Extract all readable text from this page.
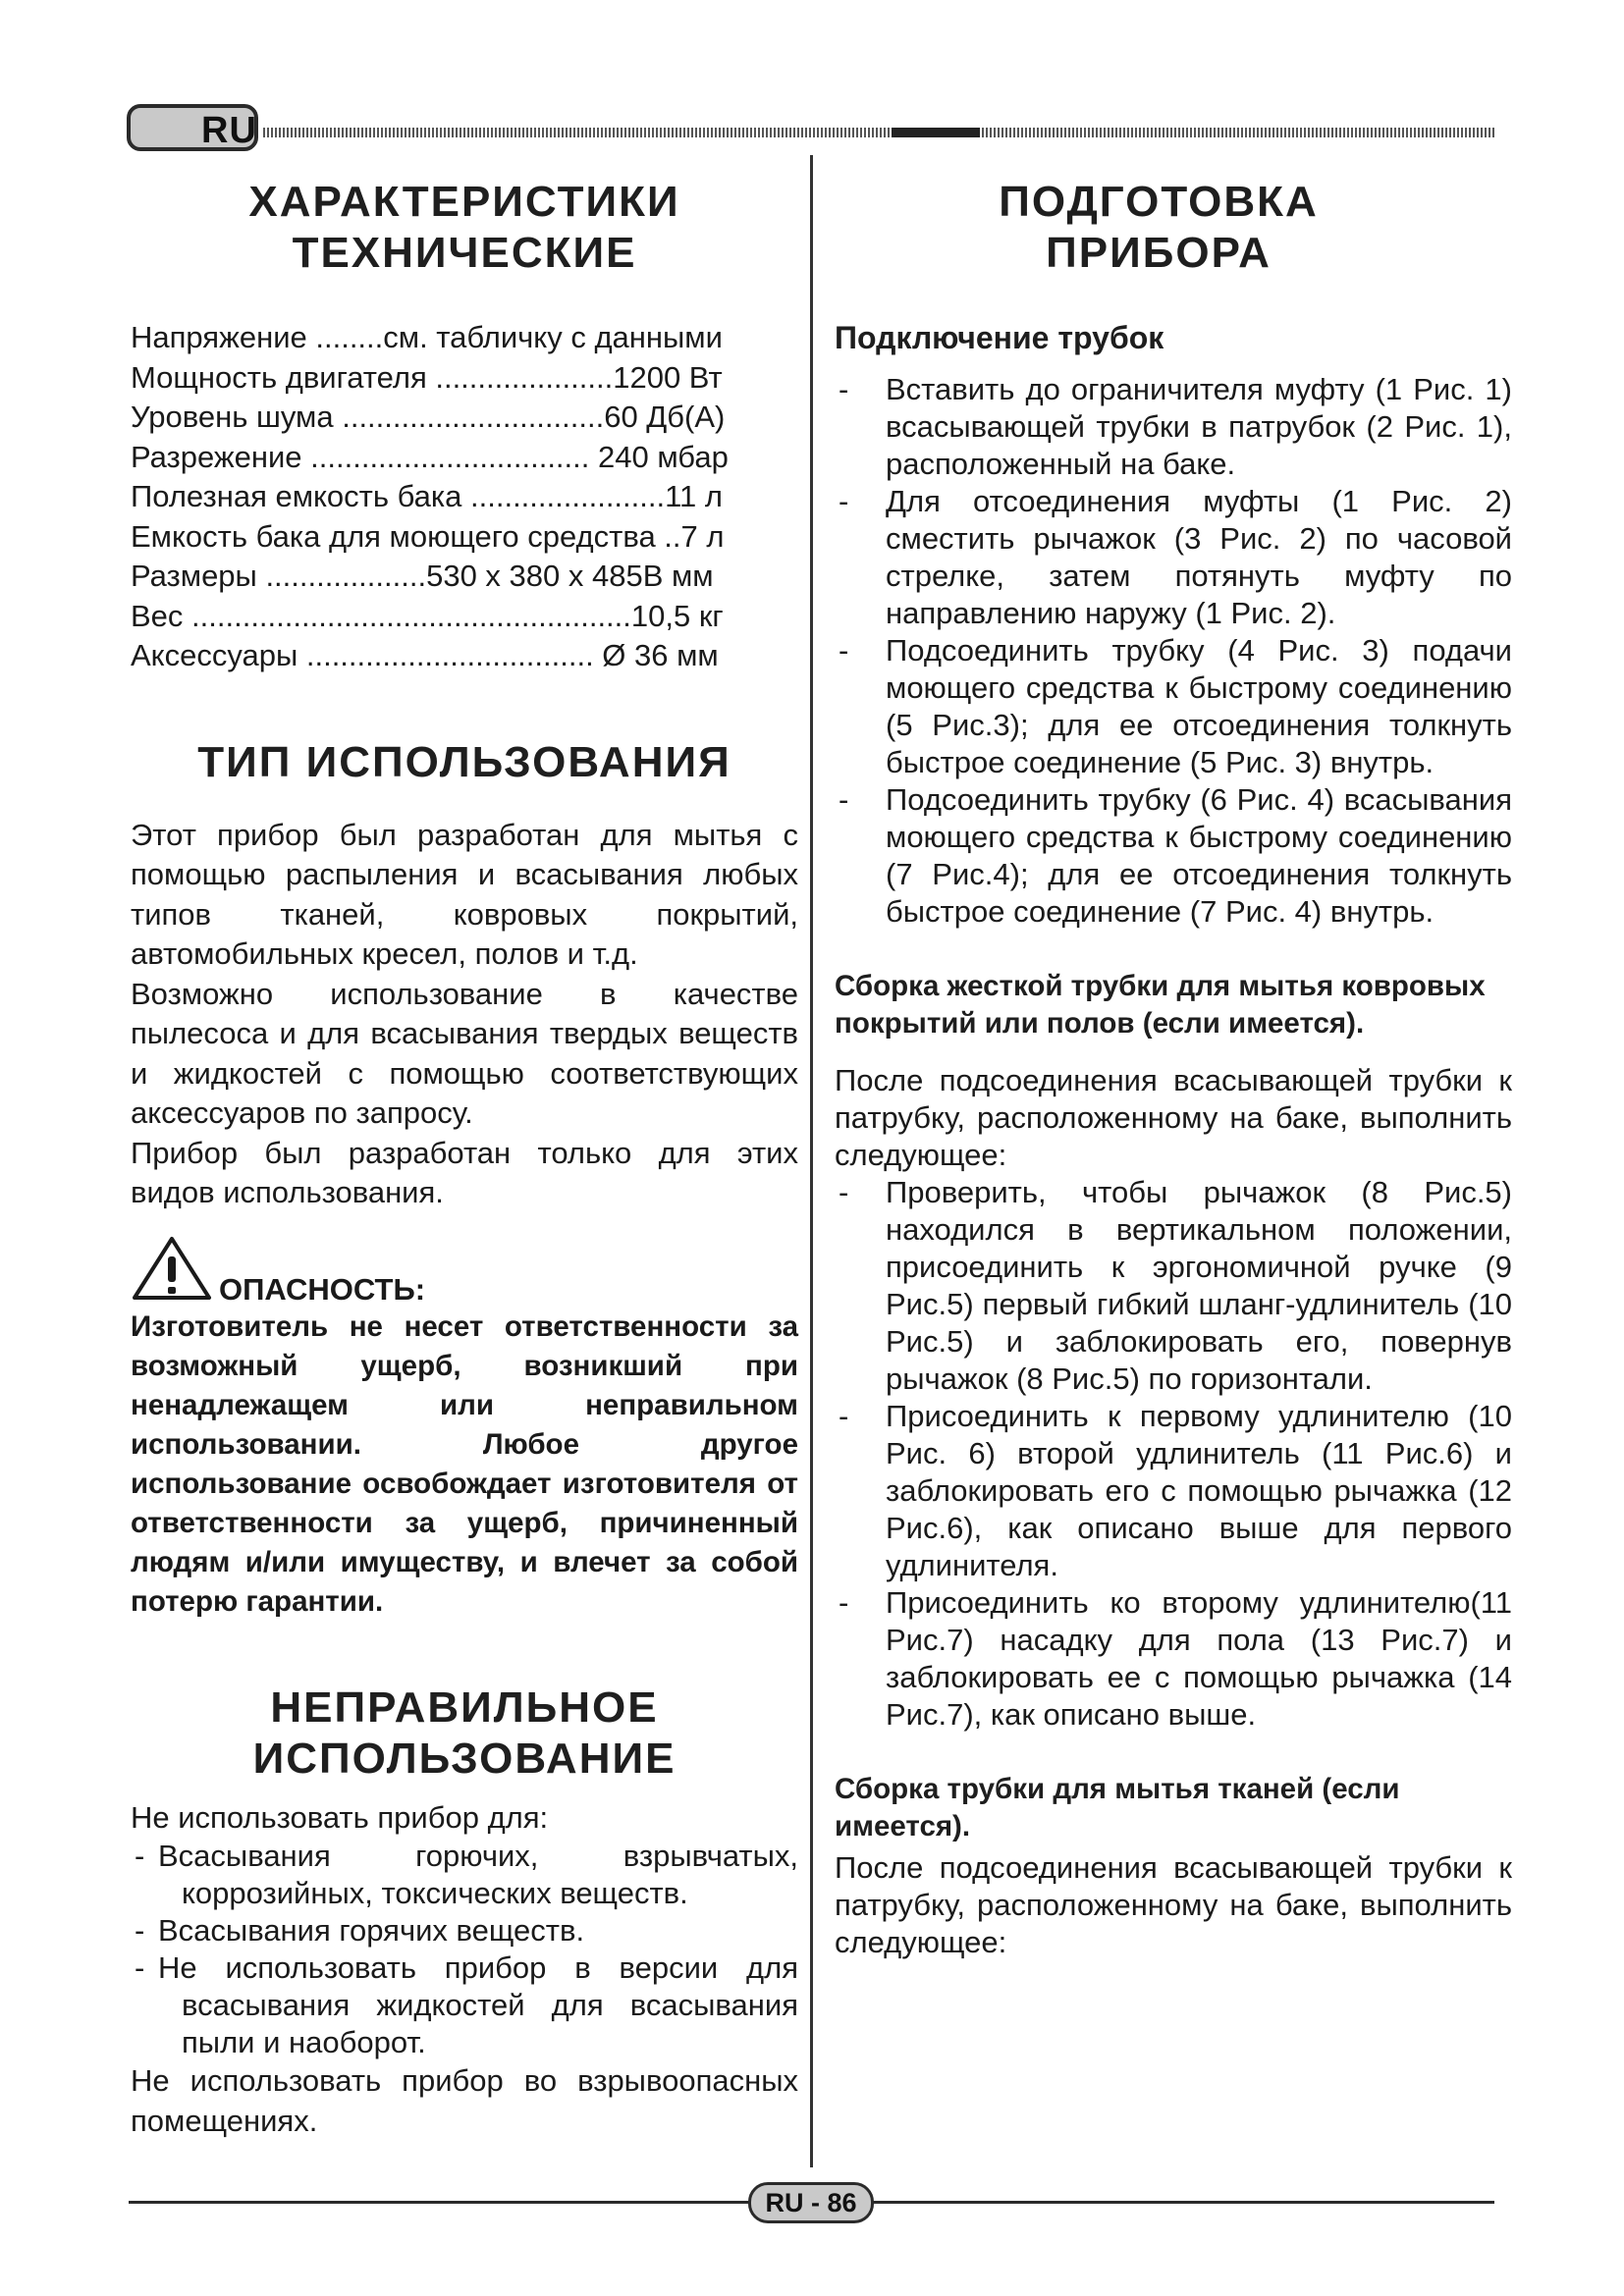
RU
ХАРАКТЕРИСТИКИ
ТЕХНИЧЕСКИЕ
Напряжение ........см. табличку с данными
Мощность двигателя .....................1200 Вт
Уровень шума ...............................60 Дб(А)
Разрежение ................................. 240 мбар
Полезная емкость бака .......................11 л
Емкость бака для моющего средства ..7 л
Размеры ...................530 х 380 х 485В мм
Вес ....................................................10,5 кг
Аксессуары .................................. Ø 36 мм
ТИП ИСПОЛЬЗОВАНИЯ

Этот прибор был разработан для мытья с помощью распыления и всасывания любых типов тканей, ковровых покрытий, автомобильных кресел, полов и т.д.

Возможно использование в качестве пылесоса и для всасывания твердых веществ и жидкостей с помощью соответствующих аксессуаров по запросу.

Прибор был разработан только для этих видов использования.

ОПАСНОСТЬ:

Изготовитель не несет ответственности за возможный ущерб, возникший при ненадлежащем или неправильном использовании. Любое другое использование освобождает изготовителя от ответственности за ущерб, причиненный людям и/или имуществу, и влечет за собой потерю гарантии.

НЕПРАВИЛЬНОЕ
ИСПОЛЬЗОВАНИЕ

Не использовать прибор для:

- Всасывания горючих, взрывчатых, коррозийных, токсических веществ.
- Всасывания горячих веществ.
- Не использовать прибор в версии для всасывания жидкостей для всасывания пыли и наоборот.

Не использовать прибор во взрывоопасных помещениях.

ПОДГОТОВКА
ПРИБОРА
Подключение трубок
- Вставить до ограничителя муфту (1 Рис. 1) всасывающей трубки в патрубок (2 Рис. 1), расположенный на баке.
- Для отсоединения муфты (1 Рис. 2) сместить рычажок (3 Рис. 2) по часовой стрелке, затем потянуть муфту по направлению наружу (1 Рис. 2).
- Подсоединить трубку (4 Рис. 3) подачи моющего средства к быстрому соединению (5 Рис.3); для ее отсоединения толкнуть быстрое соединение (5 Рис. 3) внутрь.
- Подсоединить трубку (6 Рис. 4) всасывания моющего средства к быстрому соединению (7 Рис.4); для ее отсоединения толкнуть быстрое соединение (7 Рис. 4) внутрь.
Сборка жесткой трубки для мытья ковровых покрытий или полов (если имеется).

После подсоединения всасывающей трубки к патрубку, расположенному на баке, выполнить следующее:

- Проверить, чтобы рычажок (8 Рис.5) находился в вертикальном положении, присоединить к эргономичной ручке (9 Рис.5) первый гибкий шланг-удлинитель (10 Рис.5) и заблокировать его, повернув рычажок (8 Рис.5) по горизонтали.
- Присоединить к первому удлинителю (10 Рис. 6) второй удлинитель (11 Рис.6) и заблокировать его с помощью рычажка (12 Рис.6), как описано выше для первого удлинителя.
- Присоединить ко второму удлинителю(11 Рис.7) насадку для пола (13 Рис.7) и заблокировать ее с помощью рычажка (14 Рис.7), как описано выше.
Сборка трубки для мытья тканей (если имеется).

После подсоединения всасывающей трубки к патрубку, расположенному на баке, выполнить следующее:

RU - 86
